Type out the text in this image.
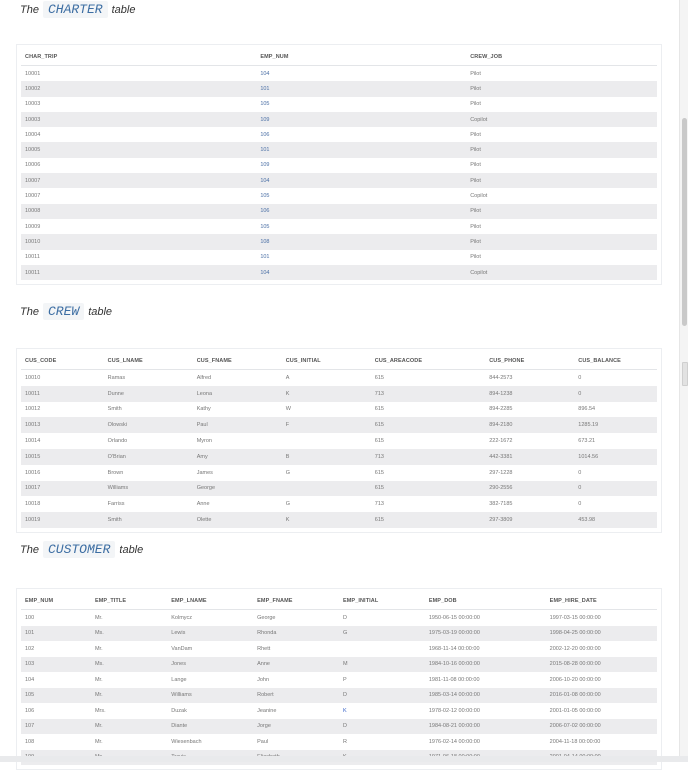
The CHARTER table
CHAR_TRIP	EMP_NUM	CREW_JOB
10001	104	Pilot
10002	101	Pilot
10003	105	Pilot
10003	109	Copilot
10004	106	Pilot
10005	101	Pilot
10006	109	Pilot
10007	104	Pilot
10007	105	Copilot
10008	106	Pilot
10009	105	Pilot
10010	108	Pilot
10011	101	Pilot
10011	104	Copilot
The CREW table
CUS_CODE	CUS_LNAME	CUS_FNAME	CUS_INITIAL	CUS_AREACODE	CUS_PHONE	CUS_BALANCE
10010	Ramas	Alfred	A	615	844-2573	0
10011	Dunne	Leona	K	713	894-1238	0
10012	Smith	Kathy	W	615	894-2285	896.54
10013	Olowski	Paul	F	615	894-2180	1285.19
10014	Orlando	Myron		615	222-1672	673.21
10015	O'Brian	Amy	B	713	442-3381	1014.56
10016	Brown	James	G	615	297-1228	0
10017	Williams	George		615	290-2556	0
10018	Farriss	Anne	G	713	382-7185	0
10019	Smith	Olette	K	615	297-3809	453.98
The CUSTOMER table
EMP_NUM	EMP_TITLE	EMP_LNAME	EMP_FNAME	EMP_INITIAL	EMP_DOB	EMP_HIRE_DATE
100	Mr.	Kolmycz	George	D	1950-06-15 00:00:00	1997-03-15 00:00:00
101	Ms.	Lewis	Rhonda	G	1975-03-19 00:00:00	1998-04-25 00:00:00
102	Mr.	VanDam	Rhett		1968-11-14 00:00:00	2002-12-20 00:00:00
103	Ms.	Jones	Anne	M	1984-10-16 00:00:00	2015-08-28 00:00:00
104	Mr.	Lange	John	P	1981-11-08 00:00:00	2006-10-20 00:00:00
105	Mr.	Williams	Robert	D	1985-03-14 00:00:00	2016-01-08 00:00:00
106	Mrs.	Duzak	Jeanine	K	1978-02-12 00:00:00	2001-01-05 00:00:00
107	Mr.	Diante	Jorge	D	1984-08-21 00:00:00	2006-07-02 00:00:00
108	Mr.	Wiesenbach	Paul	R	1976-02-14 00:00:00	2004-11-18 00:00:00
